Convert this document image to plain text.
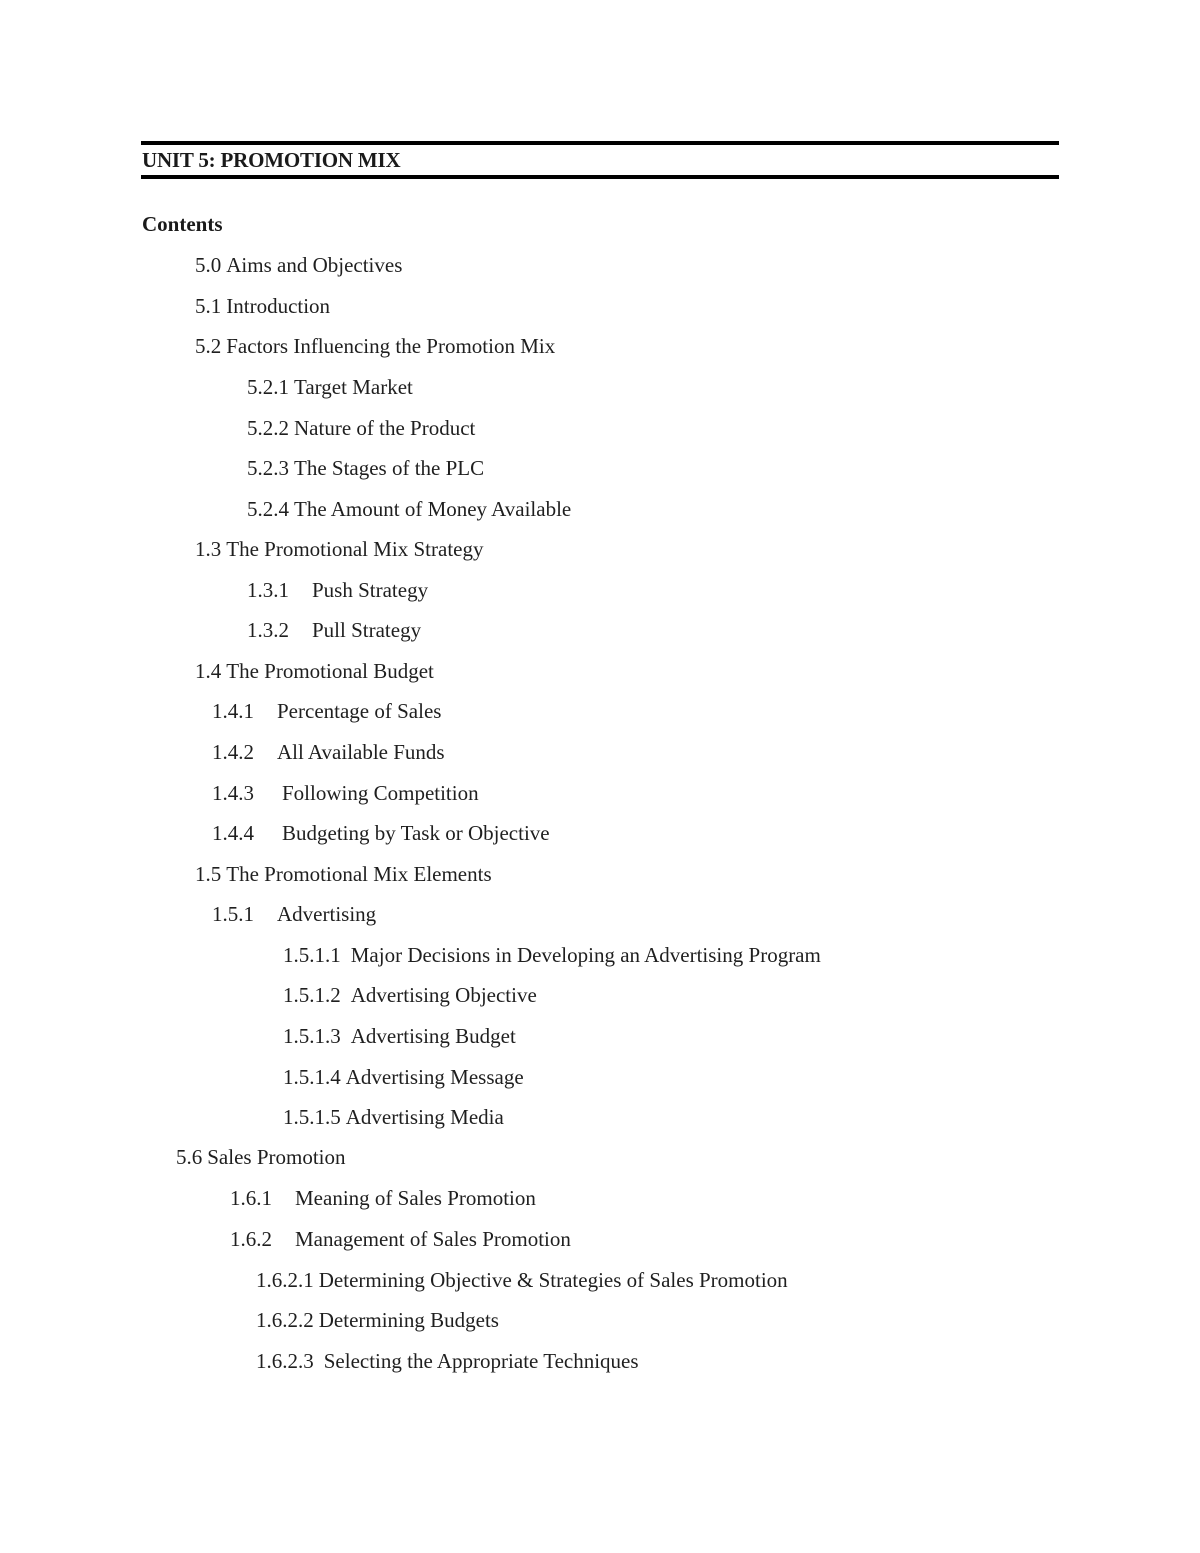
UNIT 5: PROMOTION MIX
Contents
5.0 Aims and Objectives
5.1 Introduction
5.2 Factors Influencing the Promotion Mix
5.2.1 Target Market
5.2.2 Nature of the Product
5.2.3 The Stages of the PLC
5.2.4 The Amount of Money Available
1.3 The Promotional Mix Strategy
1.3.1 Push Strategy
1.3.2 Pull Strategy
1.4 The Promotional Budget
1.4.1 Percentage of Sales
1.4.2 All Available Funds
1.4.3 Following Competition
1.4.4 Budgeting by Task or Objective
1.5 The Promotional Mix Elements
1.5.1 Advertising
1.5.1.1 Major Decisions in Developing an Advertising Program
1.5.1.2 Advertising Objective
1.5.1.3 Advertising Budget
1.5.1.4 Advertising Message
1.5.1.5 Advertising Media
5.6 Sales Promotion
1.6.1 Meaning of Sales Promotion
1.6.2 Management of Sales Promotion
1.6.2.1 Determining Objective & Strategies of Sales Promotion
1.6.2.2 Determining Budgets
1.6.2.3 Selecting the Appropriate Techniques
